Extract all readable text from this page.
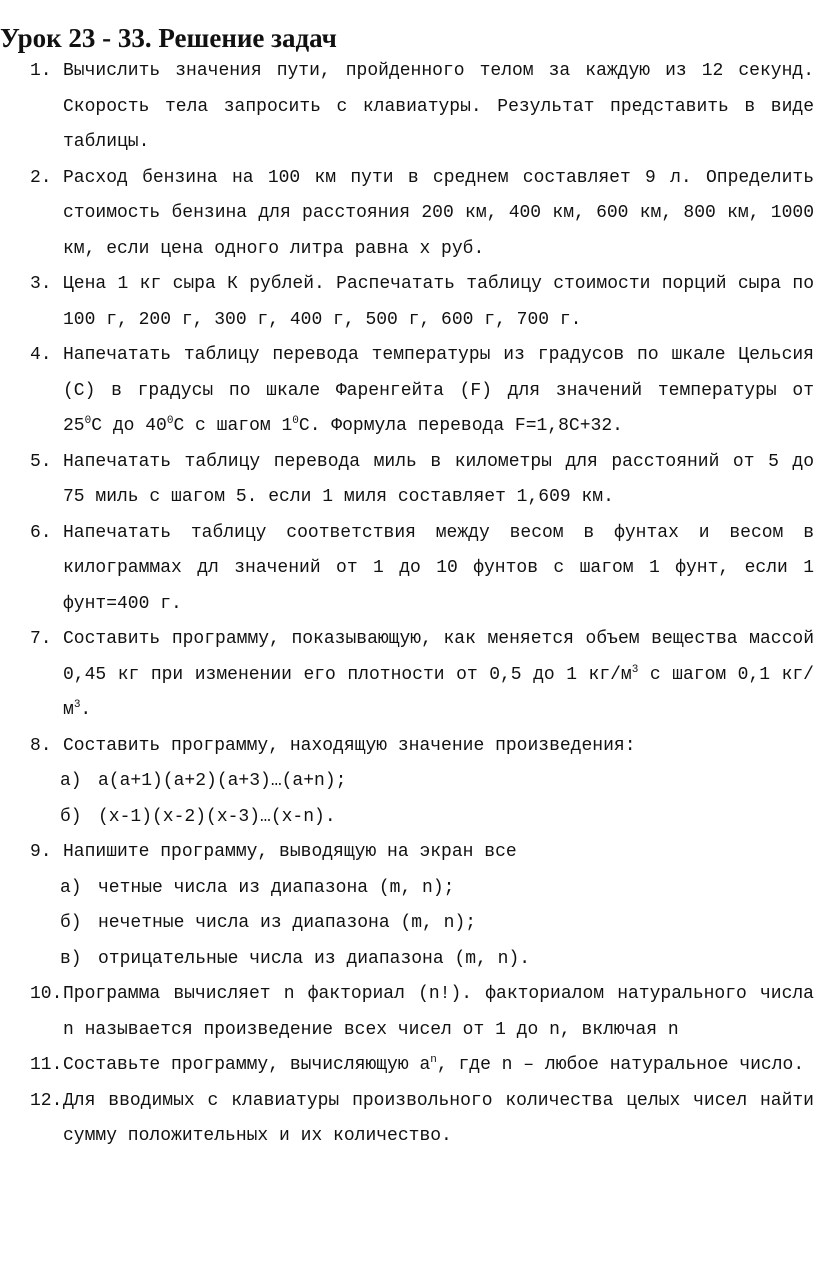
Урок 23 - 33. Решение задач
1. Вычислить значения пути, пройденного телом за каждую из 12 секунд. Скорость тела запросить с клавиатуры. Результат представить в виде таблицы.
2. Расход бензина на 100 км пути в среднем составляет 9 л. Определить стоимость бензина для расстояния 200 км, 400 км, 600 км, 800 км, 1000 км, если цена одного литра равна x руб.
3. Цена 1 кг сыра К рублей. Распечатать таблицу стоимости порций сыра по 100 г, 200 г, 300 г, 400 г, 500 г, 600 г, 700 г.
4. Напечатать таблицу перевода температуры из градусов по шкале Цельсия (С) в градусы по шкале Фаренгейта (F) для значений температуры от $25^0С$ до $40^0С$ с шагом $1^0С$. Формула перевода F=1,8С+32.
5. Напечатать таблицу перевода миль в километры для расстояний от 5 до 75 миль с шагом 5. если 1 миля составляет 1,609 км.
6. Напечатать таблицу соответствия между весом в фунтах и весом в килограммах дл значений от 1 до 10 фунтов с шагом 1 фунт, если 1 фунт=400 г.
7. Составить программу, показывающую, как меняется объем вещества массой 0,45 кг при изменении его плотности от 0,5 до 1 $кг/м^3$ с шагом 0,1 $кг/м^3$.
8. Составить программу, находящую значение произведения:
а) a(a+1)(a+2)(a+3)…(a+n);
б) (x-1)(x-2)(x-3)…(x-n).
9. Напишите программу, выводящую на экран все
а) четные числа из диапазона (m, n);
б) нечетные числа из диапазона (m, n);
в) отрицательные числа из диапазона (m, n).
10. Программа вычисляет n факториал (n!). факториалом натурального числа n называется произведение всех чисел от 1 до n, включая n
11. Составьте программу, вычисляющую $a^n$, где n – любое натуральное число.
12. Для вводимых с клавиатуры произвольного количества целых чисел найти сумму положительных и их количество.
